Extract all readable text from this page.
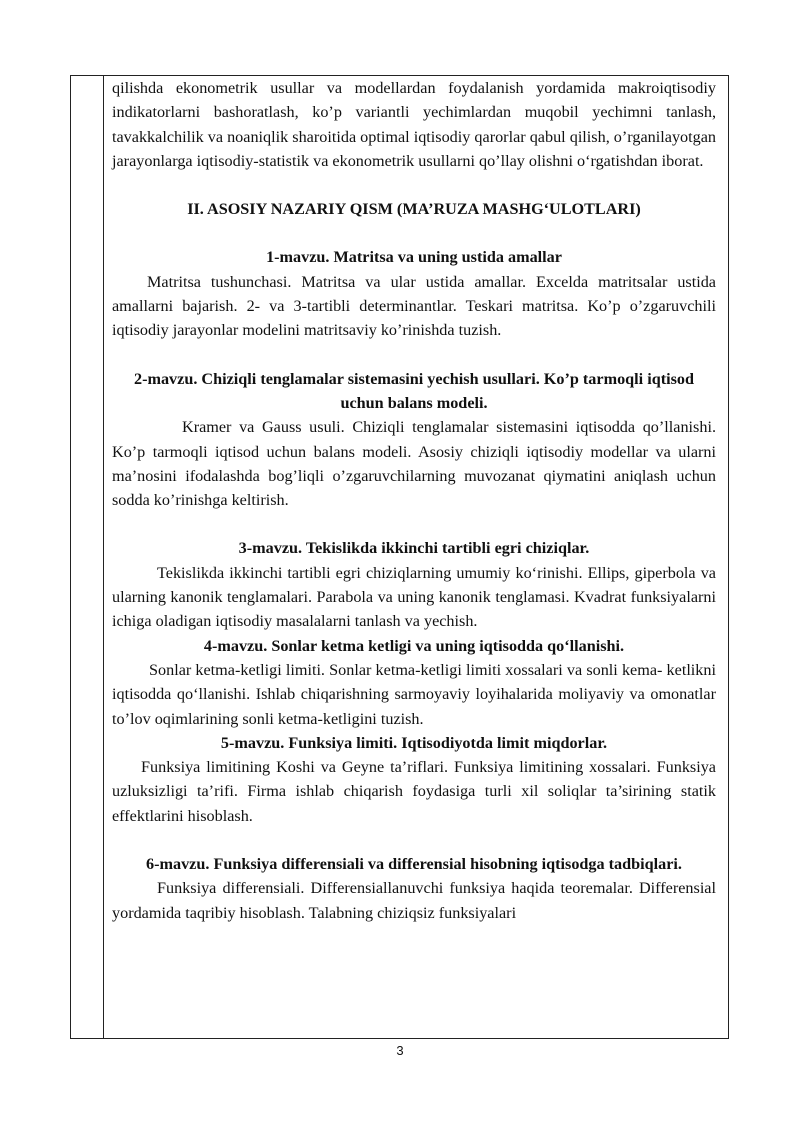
qilishda ekonometrik usullar va modellardan foydalanish yordamida makroiqtisodiy indikatorlarni bashoratlash, ko’p variantli yechimlardan muqobil yechimni tanlash, tavakkalchilik va noaniqlik sharoitida optimal iqtisodiy qarorlar qabul qilish, o’rganilayotgan jarayonlarga iqtisodiy-statistik va ekonometrik usullarni qo’llay olishni o‘rgatishdan iborat.

II. ASOSIY NAZARIY QISM (MA’RUZA MASHG‘ULOTLARI)

1-mavzu. Matritsa va uning ustida amallar

Matritsa tushunchasi. Matritsa va ular ustida amallar. Excelda matritsalar ustida amallarni bajarish. 2- va 3-tartibli determinantlar. Teskari matritsa. Ko’p o’zgaruvchili iqtisodiy jarayonlar modelini matritsaviy ko’rinishda tuzish.

2-mavzu. Chiziqli tenglamalar sistemasini yechish usullari. Ko’p tarmoqli iqtisod uchun balans modeli.

Kramer va Gauss usuli. Chiziqli tenglamalar sistemasini iqtisodda qo’llanishi. Ko’p tarmoqli iqtisod uchun balans modeli. Asosiy chiziqli iqtisodiy modellar va ularni ma’nosini ifodalashda bog’liqli o’zgaruvchilarning muvozanat qiymatini aniqlash uchun sodda ko’rinishga keltirish.

3-mavzu. Tekislikda ikkinchi tartibli egri chiziqlar.

Tekislikda ikkinchi tartibli egri chiziqlarning umumiy ko‘rinishi. Ellips, giperbola va ularning kanonik tenglamalari. Parabola va uning kanonik tenglamasi. Kvadrat funksiyalarni ichiga oladigan iqtisodiy masalalarni tanlash va yechish.

4-mavzu. Sonlar ketma ketligi va uning iqtisodda qo‘llanishi.

Sonlar ketma-ketligi limiti. Sonlar ketma-ketligi limiti xossalari va sonli kema- ketlikni iqtisodda qo‘llanishi. Ishlab chiqarishning sarmoyaviy loyihalarida moliyaviy va omonatlar to’lov oqimlarining sonli ketma-ketligini tuzish.

5-mavzu. Funksiya limiti. Iqtisodiyotda limit miqdorlar.

Funksiya limitining Koshi va Geyne ta’riflari. Funksiya limitining xossalari. Funksiya uzluksizligi ta’rifi. Firma ishlab chiqarish foydasiga turli xil soliqlar ta’sirining statik effektlarini hisoblash.

6-mavzu. Funksiya differensiali va differensial hisobning iqtisodga tadbiqlari.

Funksiya differensiali. Differensiallanuvchi funksiya haqida teoremalar. Differensial yordamida taqribiy hisoblash. Talabning chiziqsiz funksiyalari

3
